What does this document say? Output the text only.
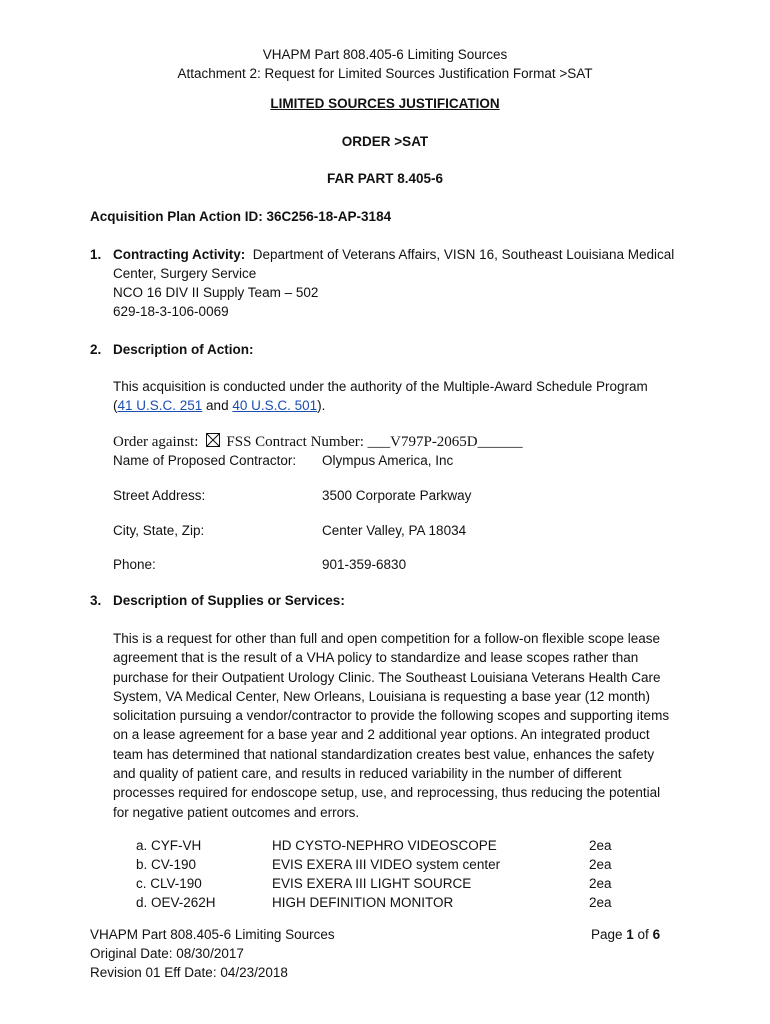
VHAPM Part 808.405-6 Limiting Sources
Attachment 2: Request for Limited Sources Justification Format >SAT
LIMITED SOURCES JUSTIFICATION
ORDER >SAT
FAR PART 8.405-6
Acquisition Plan Action ID: 36C256-18-AP-3184
1. Contracting Activity: Department of Veterans Affairs, VISN 16, Southeast Louisiana Medical
Center, Surgery Service
NCO 16 DIV II Supply Team – 502
629-18-3-106-0069
2. Description of Action:
This acquisition is conducted under the authority of the Multiple-Award Schedule Program
(41 U.S.C. 251 and 40 U.S.C. 501).
Order against: FSS Contract Number: ___V797P-2065D______
Name of Proposed Contractor: Olympus America, Inc
Street Address:	3500 Corporate Parkway
City, State, Zip:	Center Valley, PA 18034
Phone:	901-359-6830
3. Description of Supplies or Services:
This is a request for other than full and open competition for a follow-on flexible scope lease agreement that is the result of a VHA policy to standardize and lease scopes rather than purchase for their Outpatient Urology Clinic. The Southeast Louisiana Veterans Health Care System, VA Medical Center, New Orleans, Louisiana is requesting a base year (12 month) solicitation pursuing a vendor/contractor to provide the following scopes and supporting items on a lease agreement for a base year and 2 additional year options. An integrated product team has determined that national standardization creates best value, enhances the safety and quality of patient care, and results in reduced variability in the number of different processes required for endoscope setup, use, and reprocessing, thus reducing the potential for negative patient outcomes and errors.
a. CYF-VH	HD CYSTO-NEPHRO VIDEOSCOPE	2ea
b. CV-190	EVIS EXERA III VIDEO system center	2ea
c. CLV-190	EVIS EXERA III LIGHT SOURCE	2ea
d. OEV-262H	HIGH DEFINITION MONITOR	2ea
VHAPM Part 808.405-6 Limiting Sources
Original Date: 08/30/2017
Revision 01 Eff Date: 04/23/2018
Page 1 of 6
